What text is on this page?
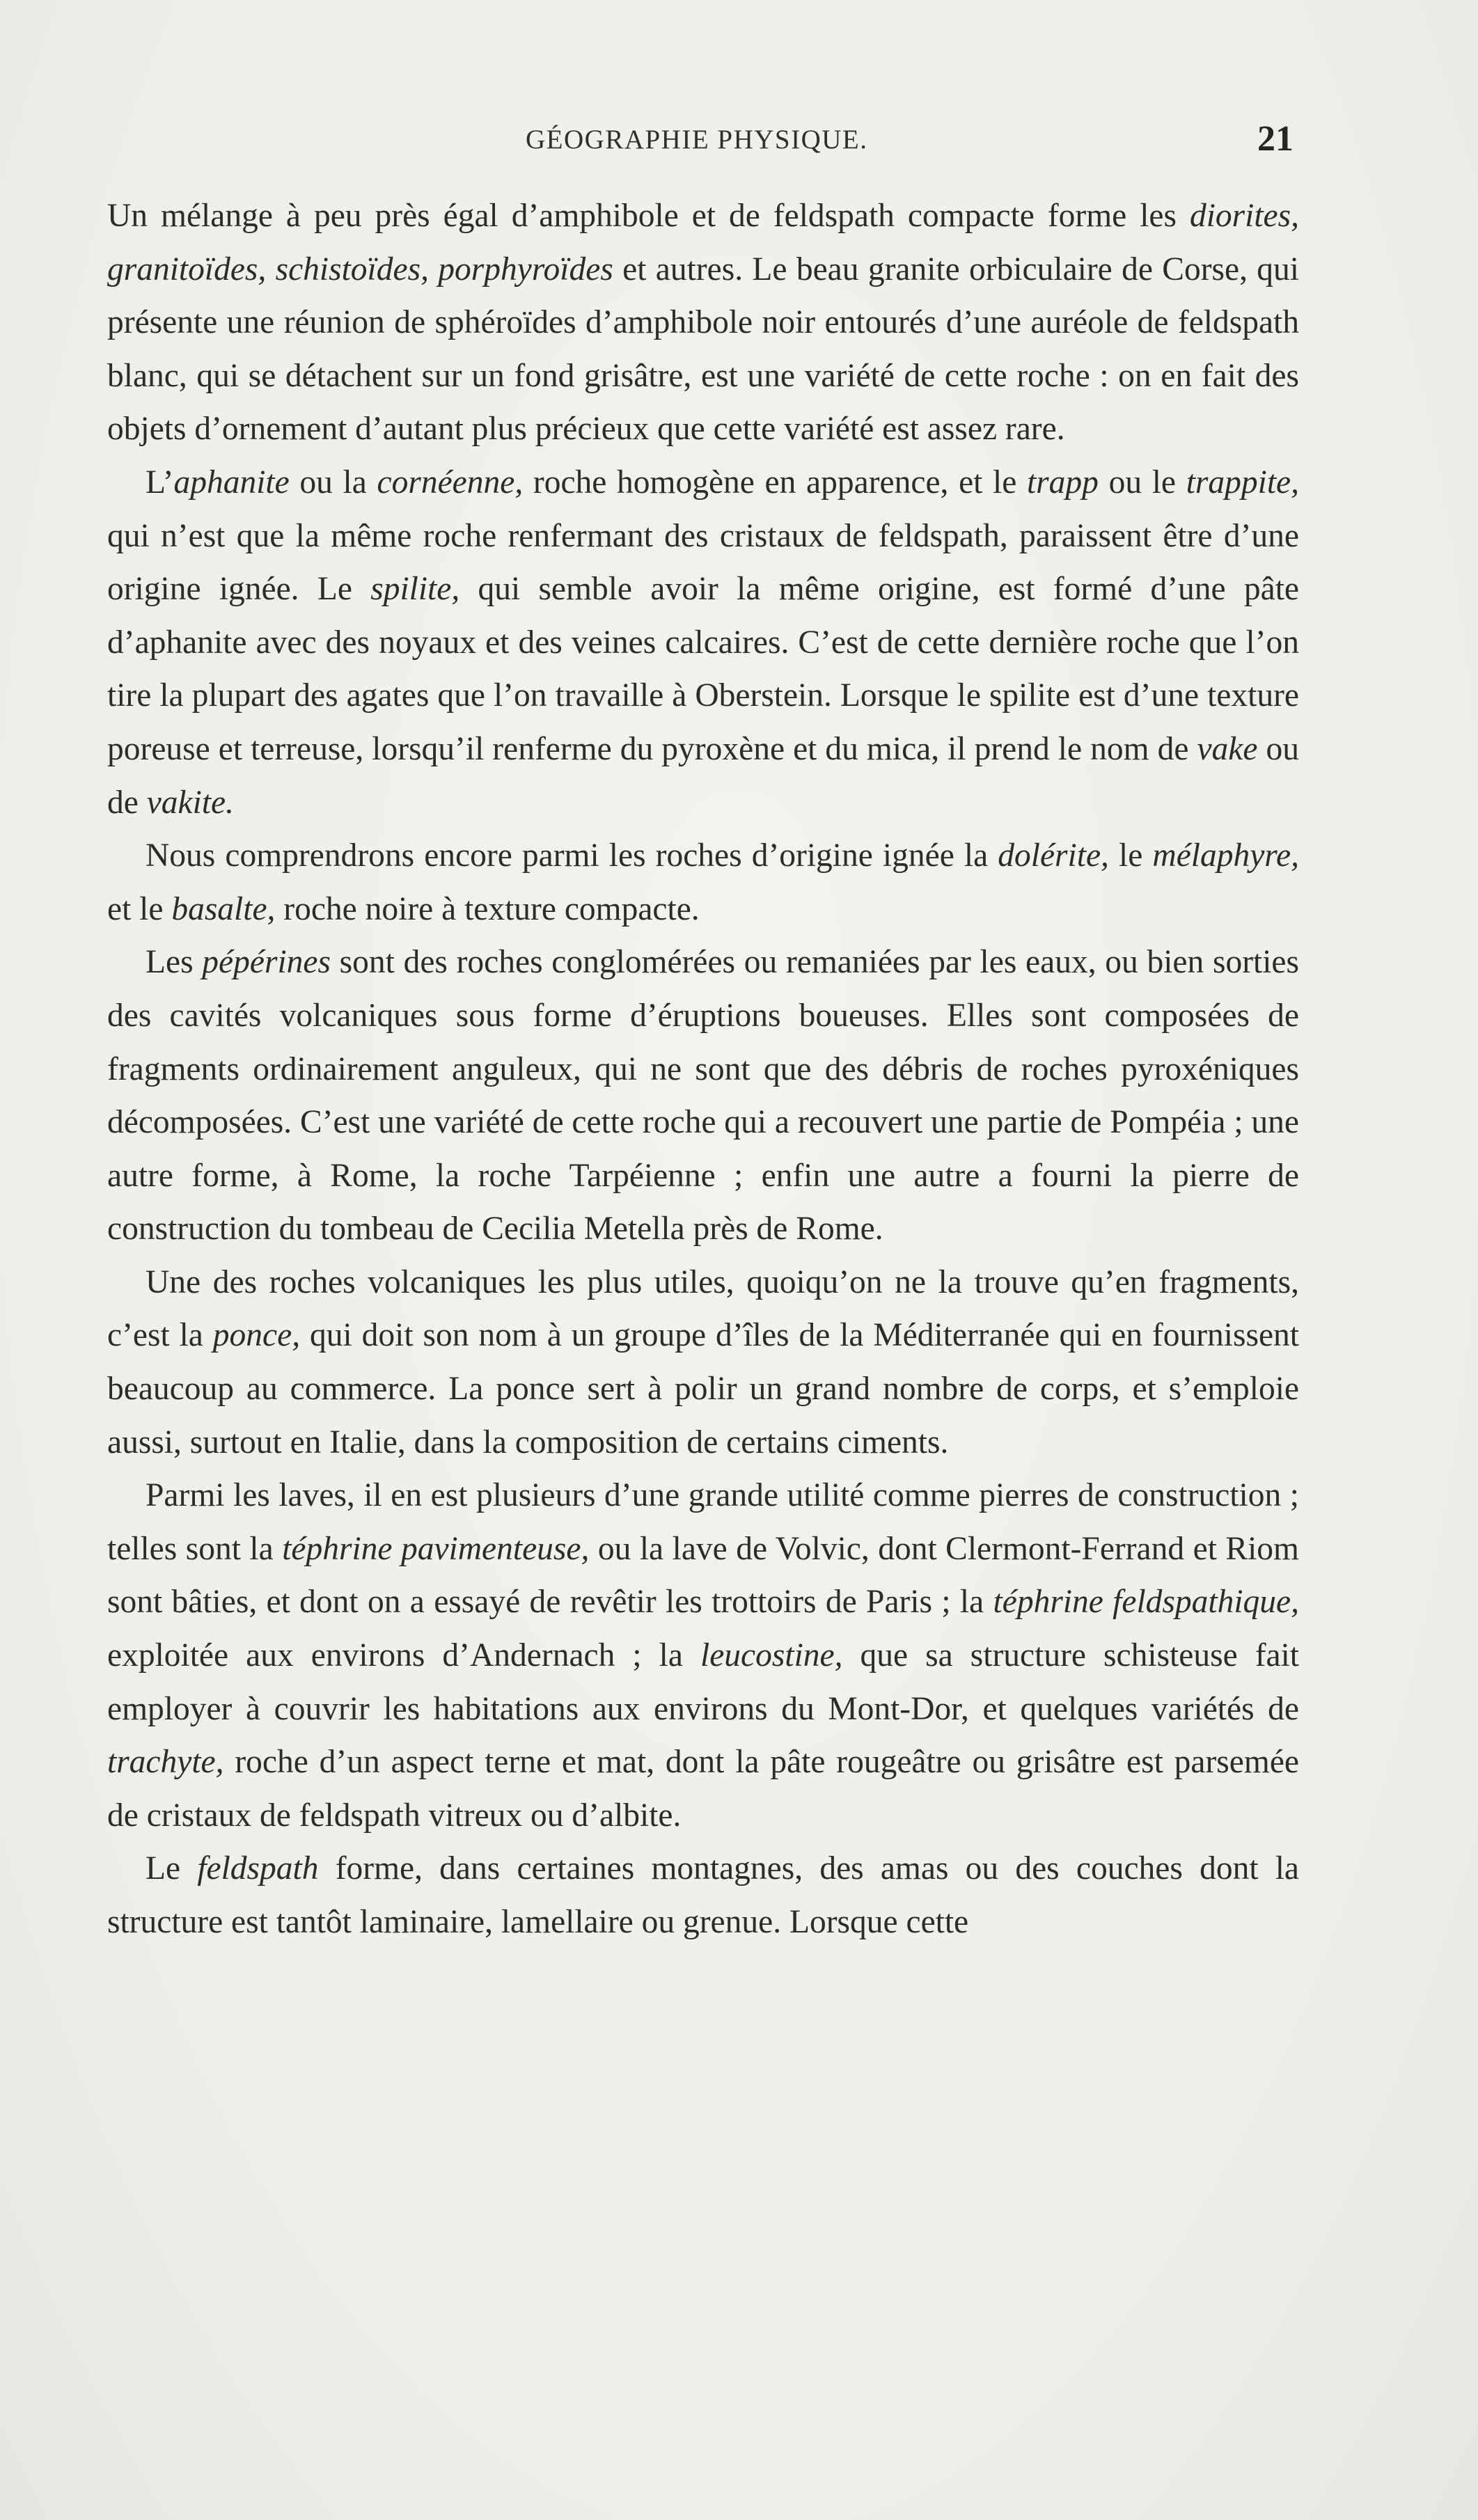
GÉOGRAPHIE PHYSIQUE.	21

Un mélange à peu près égal d’amphibole et de feldspath compacte forme les diorites, granitoïdes, schistoïdes, porphyroïdes et autres. Le beau granite orbiculaire de Corse, qui présente une réunion de sphéroïdes d’amphibole noir entourés d’une auréole de feldspath blanc, qui se détachent sur un fond grisâtre, est une variété de cette roche : on en fait des objets d’ornement d’autant plus précieux que cette variété est assez rare.

L’aphanite ou la cornéenne, roche homogène en apparence, et le trapp ou le trappite, qui n’est que la même roche renfermant des cristaux de feldspath, paraissent être d’une origine ignée. Le spilite, qui semble avoir la même origine, est formé d’une pâte d’aphanite avec des noyaux et des veines calcaires. C’est de cette dernière roche que l’on tire la plupart des agates que l’on travaille à Oberstein. Lorsque le spilite est d’une texture poreuse et terreuse, lorsqu’il renferme du pyroxène et du mica, il prend le nom de vake ou de vakite.

Nous comprendrons encore parmi les roches d’origine ignée la dolérite, le mélaphyre, et le basalte, roche noire à texture compacte.

Les pépérines sont des roches conglomérées ou remaniées par les eaux, ou bien sorties des cavités volcaniques sous forme d’éruptions boueuses. Elles sont composées de fragments ordinairement anguleux, qui ne sont que des débris de roches pyroxéniques décomposées. C’est une variété de cette roche qui a recouvert une partie de Pompéia ; une autre forme, à Rome, la roche Tarpéienne ; enfin une autre a fourni la pierre de construction du tombeau de Cecilia Metella près de Rome.

Une des roches volcaniques les plus utiles, quoiqu’on ne la trouve qu’en fragments, c’est la ponce, qui doit son nom à un groupe d’îles de la Méditerranée qui en fournissent beaucoup au commerce. La ponce sert à polir un grand nombre de corps, et s’emploie aussi, surtout en Italie, dans la composition de certains ciments.

Parmi les laves, il en est plusieurs d’une grande utilité comme pierres de construction ; telles sont la téphrine pavimenteuse, ou la lave de Volvic, dont Clermont-Ferrand et Riom sont bâties, et dont on a essayé de revêtir les trottoirs de Paris ; la téphrine feldspathique, exploitée aux environs d’Andernach ; la leucostine, que sa structure schisteuse fait employer à couvrir les habitations aux environs du Mont-Dor, et quelques variétés de trachyte, roche d’un aspect terne et mat, dont la pâte rougeâtre ou grisâtre est parsemée de cristaux de feldspath vitreux ou d’albite.

Le feldspath forme, dans certaines montagnes, des amas ou des couches dont la structure est tantôt laminaire, lamellaire ou grenue. Lorsque cette
